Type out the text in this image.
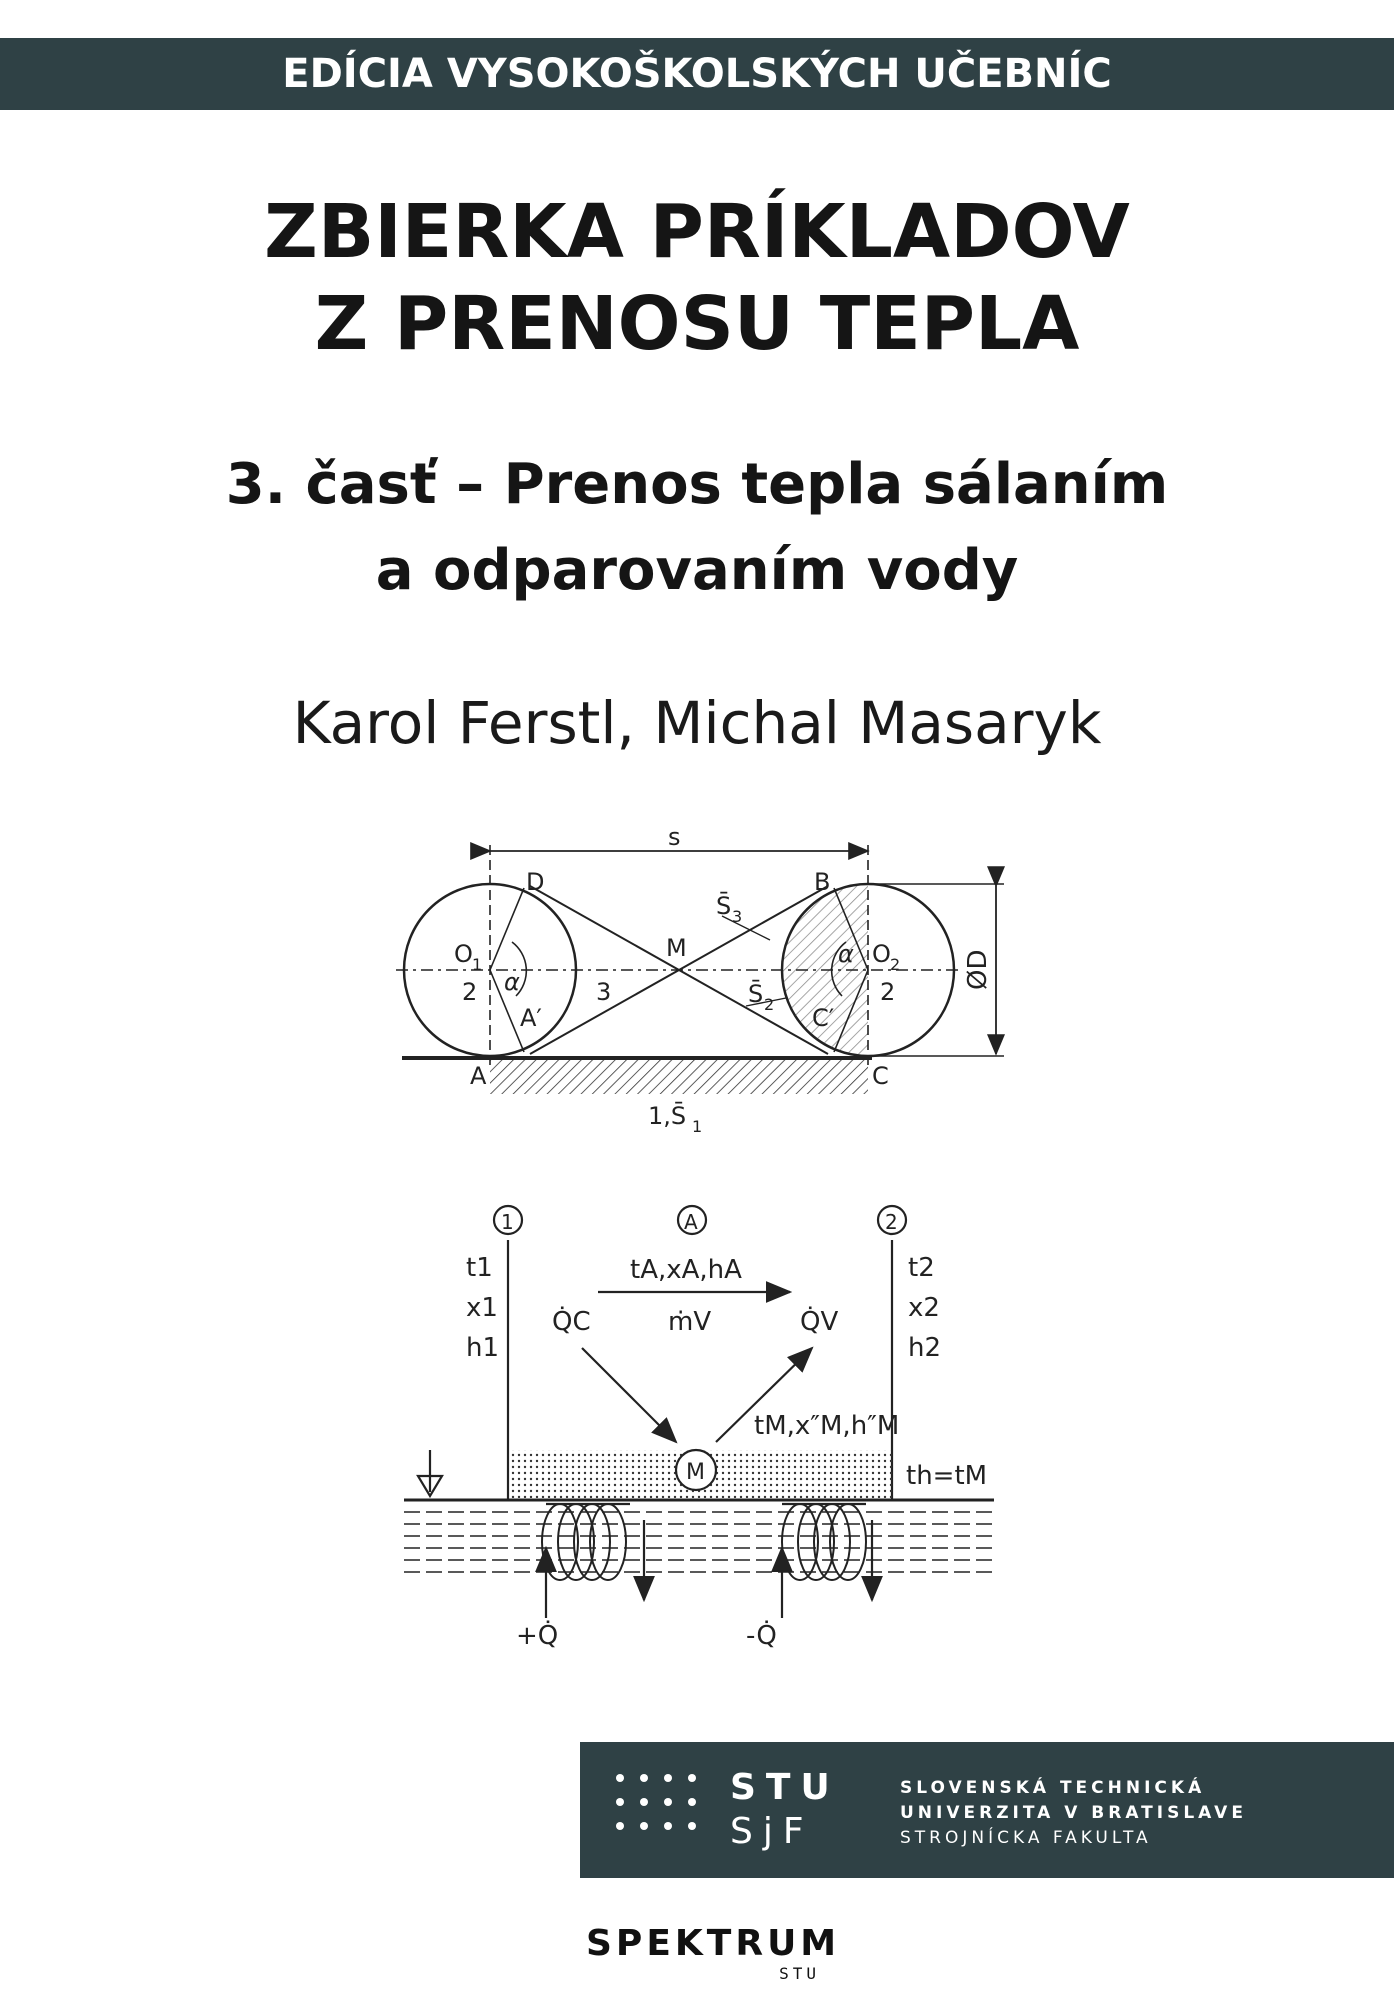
EDÍCIA VYSOKOŠKOLSKÝCH UČEBNÍC
ZBIERKA PRÍKLADOV
Z PRENOSU TEPLA
3. časť – Prenos tepla sálaním
a odparovaním vody
Karol Ferstl, Michal Masaryk
s
D	B
A	C
A′	C′
M
O 1	O 2
2	2
3
α
α
S̄ 3
S̄ 2
1,S̄ 1
ØD
1	A	2
M
t1
x1
h1
t2
x2
h2
tA,xA,hA
ṁV
Q̇C	Q̇V
tM,x″M,h″M
th=tM
+Q̇	-Q̇
STU
SjF
SLOVENSKÁ TECHNICKÁ
UNIVERZITA V BRATISLAVE
STROJNÍCKA FAKULTA
SPEKTRUM
STU
